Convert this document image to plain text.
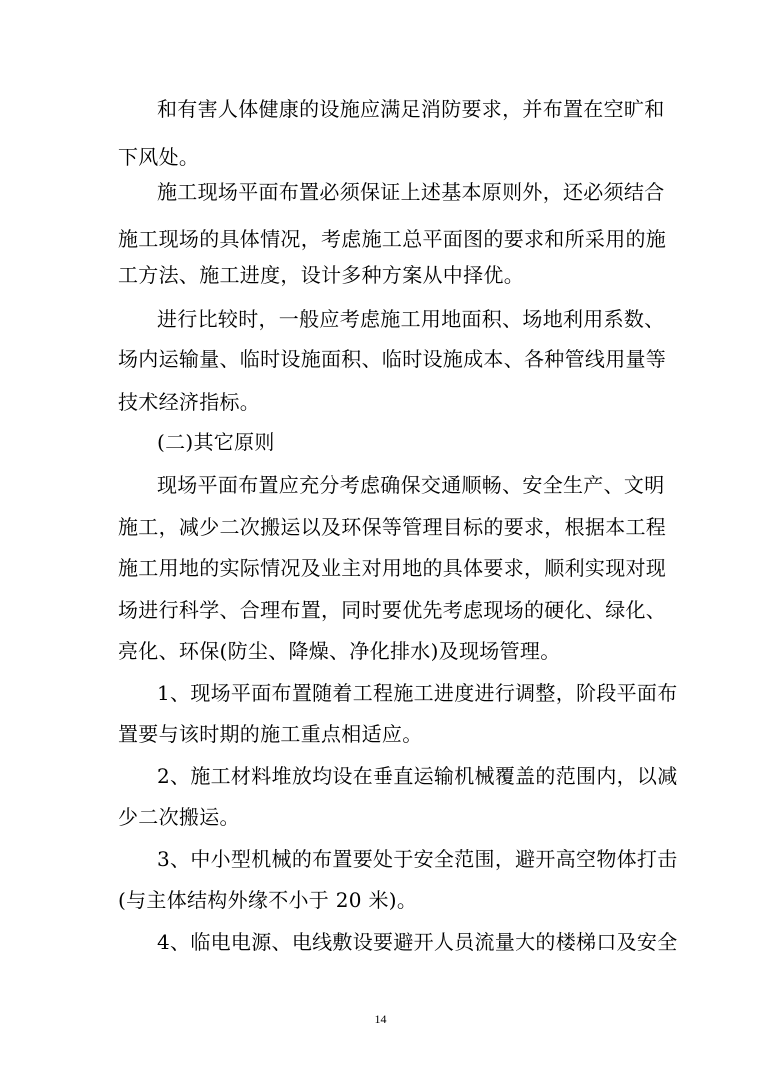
和有害人体健康的设施应满足消防要求，并布置在空旷和
下风处。
施工现场平面布置必须保证上述基本原则外，还必须结合
施工现场的具体情况，考虑施工总平面图的要求和所采用的施
工方法、施工进度，设计多种方案从中择优。
进行比较时，一般应考虑施工用地面积、场地利用系数、
场内运输量、临时设施面积、临时设施成本、各种管线用量等
技术经济指标。
(二)其它原则
现场平面布置应充分考虑确保交通顺畅、安全生产、文明
施工，减少二次搬运以及环保等管理目标的要求，根据本工程
施工用地的实际情况及业主对用地的具体要求，顺利实现对现
场进行科学、合理布置，同时要优先考虑现场的硬化、绿化、
亮化、环保(防尘、降燥、净化排水)及现场管理。
1、现场平面布置随着工程施工进度进行调整，阶段平面布
置要与该时期的施工重点相适应。
2、施工材料堆放均设在垂直运输机械覆盖的范围内，以减
少二次搬运。
3、中小型机械的布置要处于安全范围，避开高空物体打击
(与主体结构外缘不小于 20 米)。
4、临电电源、电线敷设要避开人员流量大的楼梯口及安全
14
